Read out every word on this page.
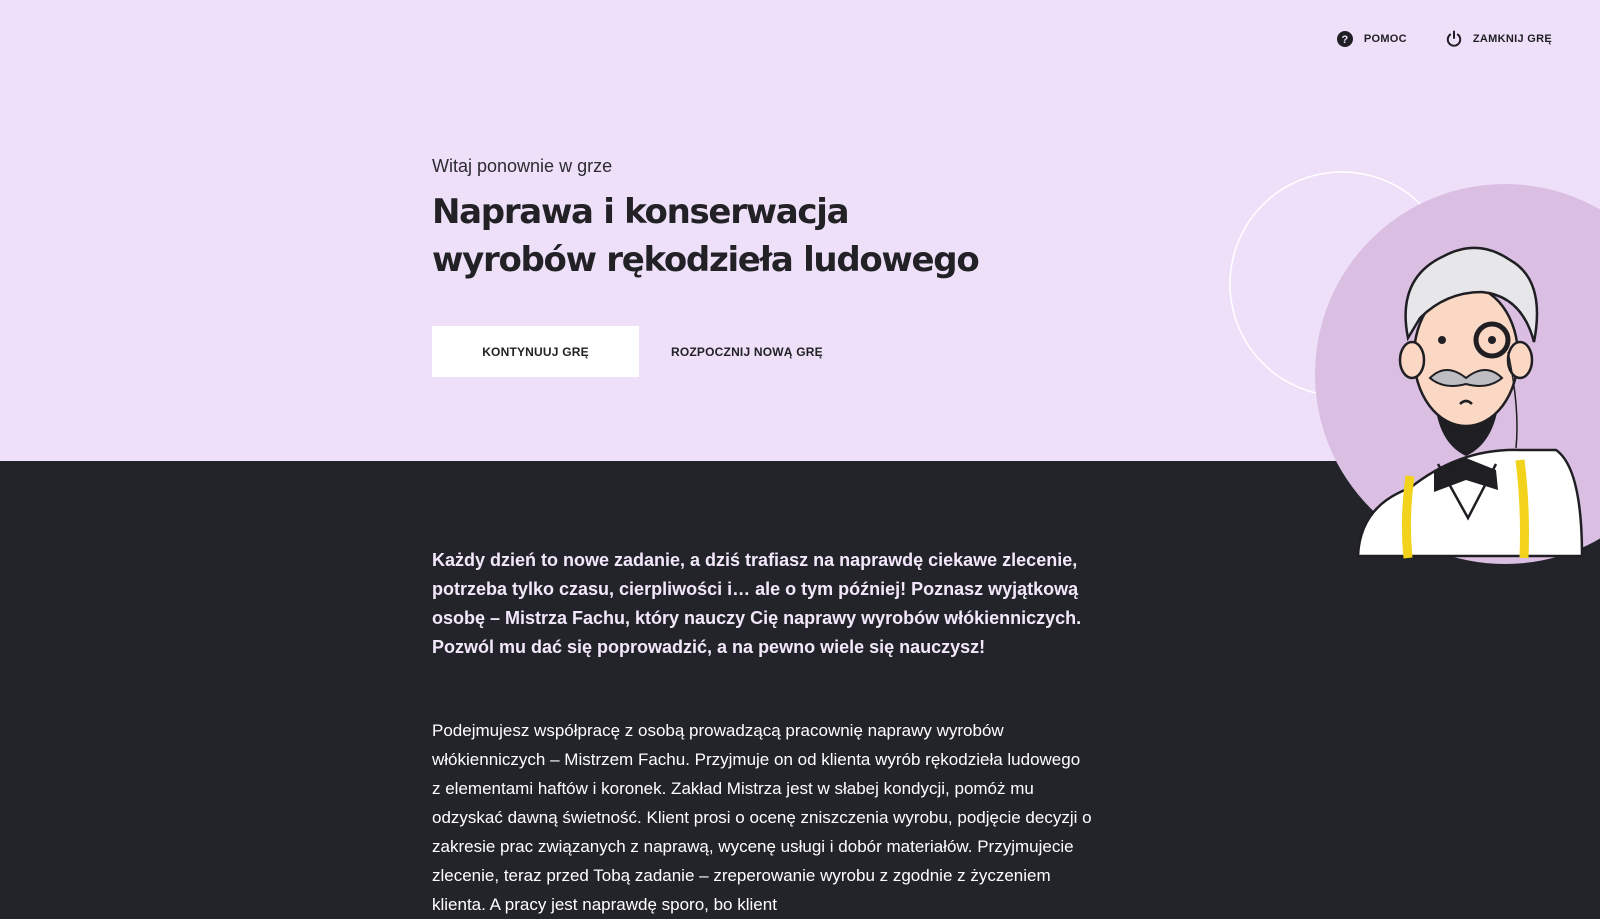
? POMOC	ZAMKNIJ GRĘ
Witaj ponownie w grze
Naprawa i konserwacja wyrobów rękodzieła ludowego
KONTYNUUJ GRĘ	ROZPOCZNIJ NOWĄ GRĘ

Każdy dzień to nowe zadanie, a dziś trafiasz na naprawdę ciekawe zlecenie, potrzeba tylko czasu, cierpliwości i… ale o tym później! Poznasz wyjątkową osobę – Mistrza Fachu, który nauczy Cię naprawy wyrobów włókienniczych. Pozwól mu dać się poprowadzić, a na pewno wiele się nauczysz!

Podejmujesz współpracę z osobą prowadzącą pracownię naprawy wyrobów włókienniczych – Mistrzem Fachu. Przyjmuje on od klienta wyrób rękodzieła ludowego z elementami haftów i koronek. Zakład Mistrza jest w słabej kondycji, pomóż mu odzyskać dawną świetność. Klient prosi o ocenę zniszczenia wyrobu, podjęcie decyzji o zakresie prac związanych z naprawą, wycenę usługi i dobór materiałów. Przyjmujecie zlecenie, teraz przed Tobą zadanie – zreperowanie wyrobu z zgodnie z życzeniem klienta. A pracy jest naprawdę sporo, bo klient
